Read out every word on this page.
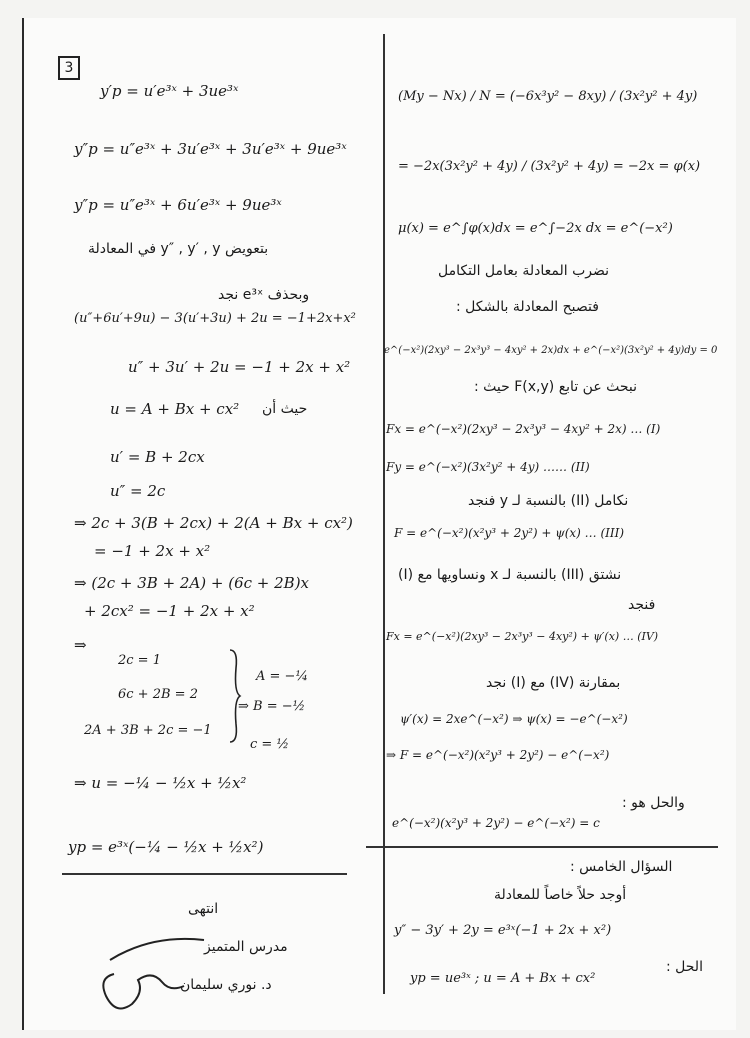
3
y′p = u′e³ˣ + 3ue³ˣ
y″p = u″e³ˣ + 3u′e³ˣ + 3u′e³ˣ + 9ue³ˣ
y″p = u″e³ˣ + 6u′e³ˣ + 9ue³ˣ
بتعويض y″ , y′ , y في المعادلة
وبحذف e³ˣ نجد
(u″+6u′+9u) − 3(u′+3u) + 2u = −1+2x+x²
u″ + 3u′ + 2u = −1 + 2x + x²
حيث أن
u = A + Bx + cx²
u′ = B + 2cx
u″ = 2c
⇒ 2c + 3(B + 2cx) + 2(A + Bx + cx²)
= −1 + 2x + x²
⇒ (2c + 3B + 2A) + (6c + 2B)x
+ 2cx² = −1 + 2x + x²
⇒
2c = 1
6c + 2B = 2
2A + 3B + 2c = −1
A = −¼
⇒ B = −½
c = ½
⇒ u = −¼ − ½x + ½x²
yp = e³ˣ(−¼ − ½x + ½x²)
انتهى
مدرس المتميز
د. نوري سليمان
(My − Nx) / N = (−6x³y² − 8xy) / (3x²y² + 4y)
= −2x(3x²y² + 4y) / (3x²y² + 4y) = −2x = φ(x)
μ(x) = e^∫φ(x)dx = e^∫−2x dx = e^(−x²)
نضرب المعادلة بعامل التكامل
فتصبح المعادلة بالشكل :
e^(−x²)(2xy³ − 2x³y³ − 4xy² + 2x)dx + e^(−x²)(3x²y² + 4y)dy = 0
نبحث عن تابع F(x,y) حيث :
Fx = e^(−x²)(2xy³ − 2x³y³ − 4xy² + 2x) … (I)
Fy = e^(−x²)(3x²y² + 4y) …… (II)
نكامل (II) بالنسبة لـ y فنجد
F = e^(−x²)(x²y³ + 2y²) + ψ(x) … (III)
نشتق (III) بالنسبة لـ x ونساويها مع (I)
فنجد
Fx = e^(−x²)(2xy³ − 2x³y³ − 4xy²) + ψ′(x) … (IV)
بمقارنة (IV) مع (I) نجد
ψ′(x) = 2xe^(−x²) ⇒ ψ(x) = −e^(−x²)
⇒ F = e^(−x²)(x²y³ + 2y²) − e^(−x²)
والحل هو :
e^(−x²)(x²y³ + 2y²) − e^(−x²) = c
السؤال الخامس :
أوجد حلاً خاصاً للمعادلة
y″ − 3y′ + 2y = e³ˣ(−1 + 2x + x²)
الحل :
yp = ue³ˣ ; u = A + Bx + cx²
